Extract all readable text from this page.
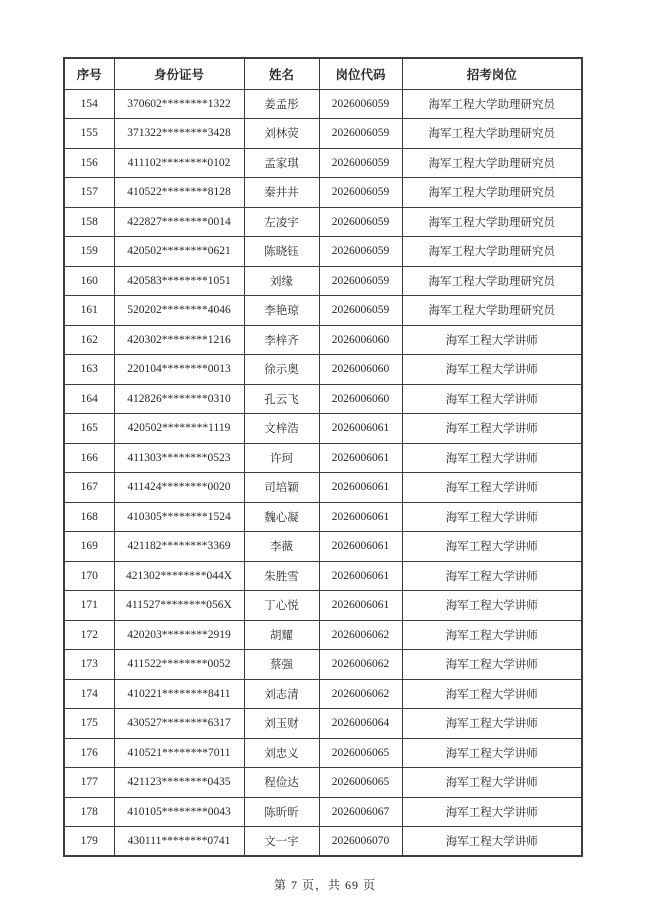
序号	身份证号	姓名	岗位代码	招考岗位
154	370602********1322	姜孟彤	2026006059	海军工程大学助理研究员
155	371322********3428	刘林荧	2026006059	海军工程大学助理研究员
156	411102********0102	孟家琪	2026006059	海军工程大学助理研究员
157	410522********8128	秦井井	2026006059	海军工程大学助理研究员
158	422827********0014	左凌宇	2026006059	海军工程大学助理研究员
159	420502********0621	陈晓钰	2026006059	海军工程大学助理研究员
160	420583********1051	刘缘	2026006059	海军工程大学助理研究员
161	520202********4046	李艳琼	2026006059	海军工程大学助理研究员
162	420302********1216	李梓齐	2026006060	海军工程大学讲师
163	220104********0013	徐示奥	2026006060	海军工程大学讲师
164	412826********0310	孔云飞	2026006060	海军工程大学讲师
165	420502********1119	文梓浩	2026006061	海军工程大学讲师
166	411303********0523	许珂	2026006061	海军工程大学讲师
167	411424********0020	司培颖	2026006061	海军工程大学讲师
168	410305********1524	魏心凝	2026006061	海军工程大学讲师
169	421182********3369	李薇	2026006061	海军工程大学讲师
170	421302********044X	朱胜雪	2026006061	海军工程大学讲师
171	411527********056X	丁心悦	2026006061	海军工程大学讲师
172	420203********2919	胡耀	2026006062	海军工程大学讲师
173	411522********0052	蔡强	2026006062	海军工程大学讲师
174	410221********8411	刘志清	2026006062	海军工程大学讲师
175	430527********6317	刘玉财	2026006064	海军工程大学讲师
176	410521********7011	刘忠义	2026006065	海军工程大学讲师
177	421123********0435	程俭达	2026006065	海军工程大学讲师
178	410105********0043	陈昕昕	2026006067	海军工程大学讲师
179	430111********0741	文一宇	2026006070	海军工程大学讲师
第 7 页，共 69 页
